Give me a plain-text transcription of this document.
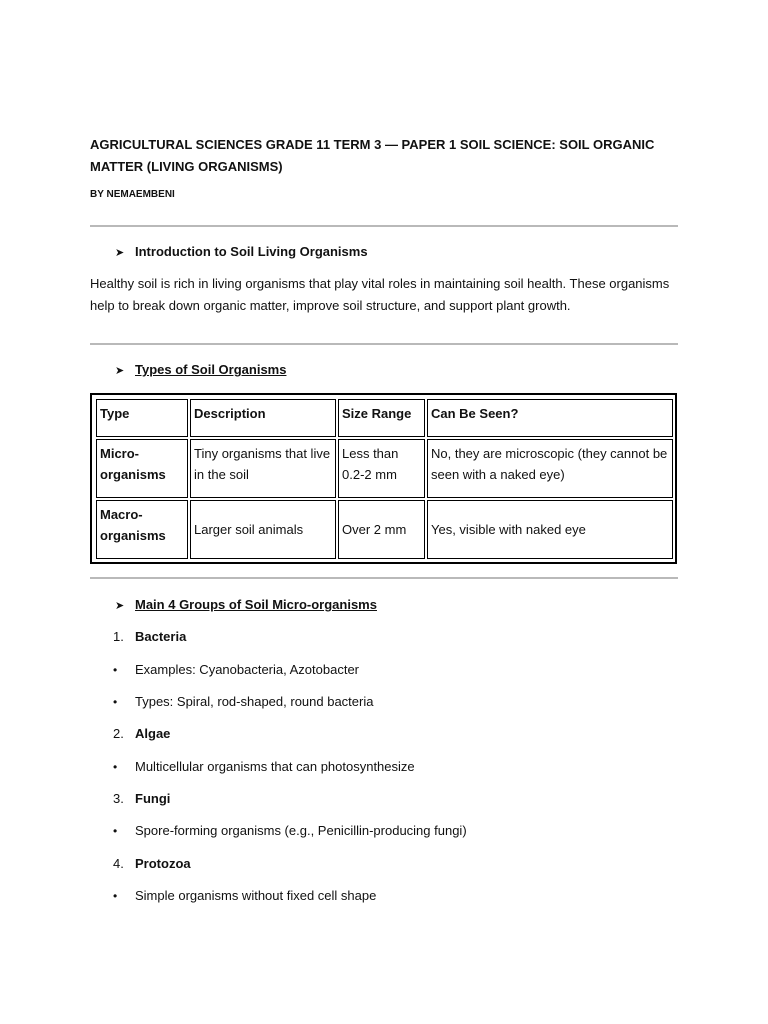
AGRICULTURAL SCIENCES GRADE 11 TERM 3 — PAPER 1 SOIL SCIENCE: SOIL ORGANIC MATTER (LIVING ORGANISMS)
BY NEMAEMBENI
➤ Introduction to Soil Living Organisms
Healthy soil is rich in living organisms that play vital roles in maintaining soil health. These organisms help to break down organic matter, improve soil structure, and support plant growth.
➤ Types of Soil Organisms
Type	Description	Size Range	Can Be Seen?
Micro-organisms	Tiny organisms that live in the soil	Less than 0.2-2 mm	No, they are microscopic (they cannot be seen with a naked eye)
Macro-organisms	Larger soil animals	Over 2 mm	Yes, visible with naked eye
➤ Main 4 Groups of Soil Micro-organisms
1. Bacteria
• Examples: Cyanobacteria, Azotobacter
• Types: Spiral, rod-shaped, round bacteria
2. Algae
• Multicellular organisms that can photosynthesize
3. Fungi
• Spore-forming organisms (e.g., Penicillin-producing fungi)
4. Protozoa
• Simple organisms without fixed cell shape
